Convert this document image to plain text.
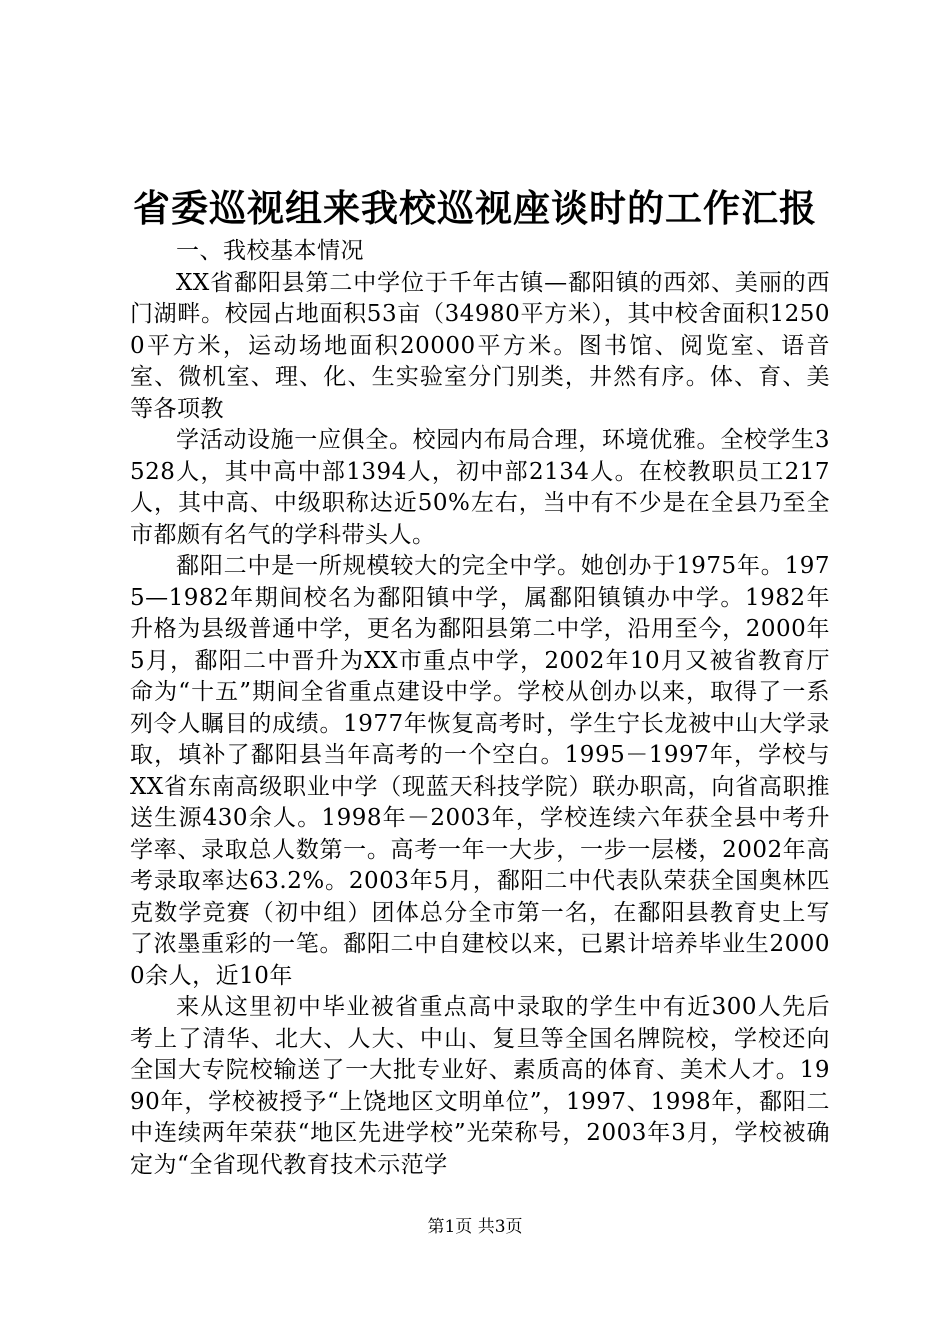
省委巡视组来我校巡视座谈时的工作汇报

一、我校基本情况

XX省鄱阳县第二中学位于千年古镇—鄱阳镇的西郊、美丽的西门湖畔。校园占地面积53亩（34980平方米），其中校舍面积12500平方米，运动场地面积20000平方米。图书馆、阅览室、语音室、微机室、理、化、生实验室分门别类，井然有序。体、育、美等各项教

学活动设施一应俱全。校园内布局合理，环境优雅。全校学生3528人，其中高中部1394人，初中部2134人。在校教职员工217人，其中高、中级职称达近50%左右，当中有不少是在全县乃至全市都颇有名气的学科带头人。

鄱阳二中是一所规模较大的完全中学。她创办于1975年。1975—1982年期间校名为鄱阳镇中学，属鄱阳镇镇办中学。1982年升格为县级普通中学，更名为鄱阳县第二中学，沿用至今，2000年5月，鄱阳二中晋升为XX市重点中学，2002年10月又被省教育厅命为“十五”期间全省重点建设中学。学校从创办以来，取得了一系列令人瞩目的成绩。1977年恢复高考时，学生宁长龙被中山大学录取，填补了鄱阳县当年高考的一个空白。1995－1997年，学校与XX省东南高级职业中学（现蓝天科技学院）联办职高，向省高职推送生源430余人。1998年－2003年，学校连续六年获全县中考升学率、录取总人数第一。高考一年一大步，一步一层楼，2002年高考录取率达63.2%。2003年5月，鄱阳二中代表队荣获全国奥林匹克数学竞赛（初中组）团体总分全市第一名，在鄱阳县教育史上写了浓墨重彩的一笔。鄱阳二中自建校以来，已累计培养毕业生20000余人，近10年

来从这里初中毕业被省重点高中录取的学生中有近300人先后考上了清华、北大、人大、中山、复旦等全国名牌院校，学校还向全国大专院校输送了一大批专业好、素质高的体育、美术人才。1990年，学校被授予“上饶地区文明单位”，1997、1998年，鄱阳二中连续两年荣获“地区先进学校”光荣称号，2003年3月，学校被确定为“全省现代教育技术示范学

第1页 共3页
